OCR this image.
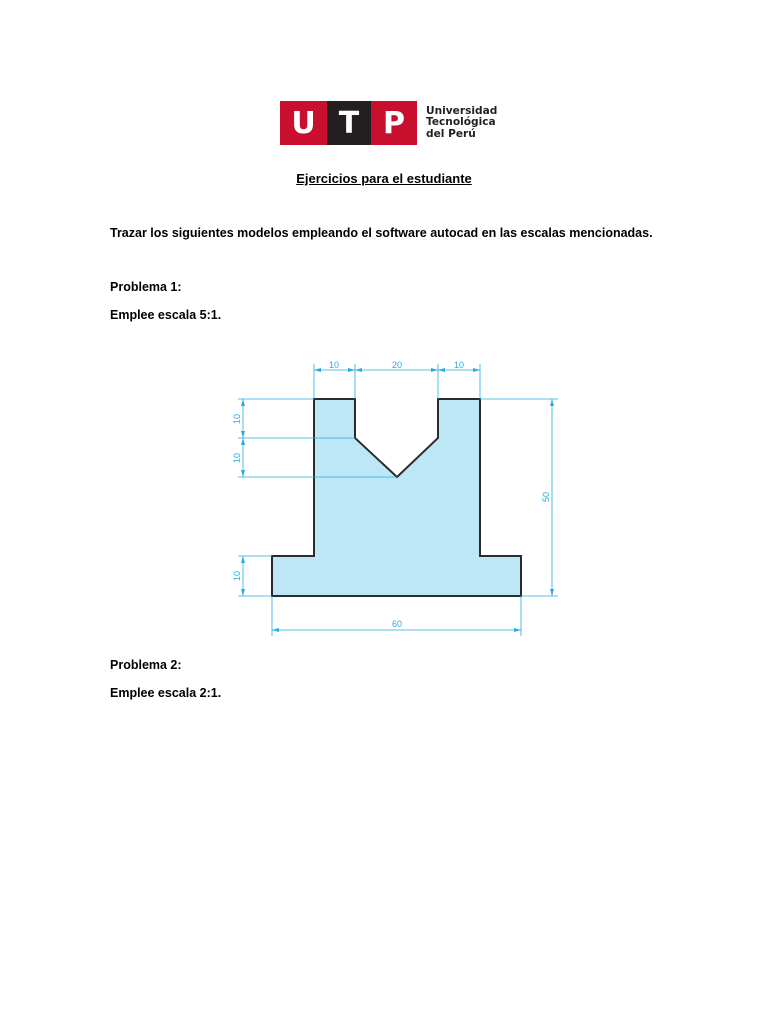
U T P	Universidad
Tecnológica
del Perú
Ejercicios para el estudiante
Trazar los siguientes modelos empleando el software autocad en las escalas mencionadas.
Problema 1:
Emplee escala 5:1.
10	20	10
10
10
10
50
60
Problema 2:
Emplee escala 2:1.
